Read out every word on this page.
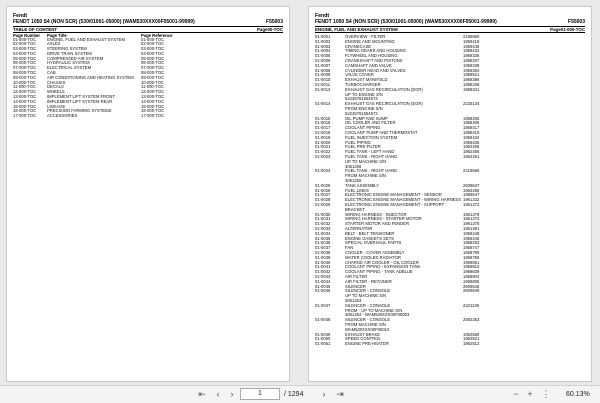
Fendt
FENDT 1050 S4 (NON SCR) (530/01001-05000) (WAM530XXX00F05001-99999)	F55003
TABLE OF CONTENT	Page00-TOC
Page Number	Page Title	Page Reference
01-000-TOC	ENGINE, FUEL AND EXHAUST SYSTEM	01-000-TOC
02-000-TOC	AXLES	02-000-TOC
03-000-TOC	STEERING SYSTEM	03-000-TOC
04-000-TOC	DRIVE TRAIN SYSTEM	04-000-TOC
05-000-TOC	COMPRESSED AIR SYSTEM	05-000-TOC
06-000-TOC	HYDRAULIC SYSTEM	06-000-TOC
07-000-TOC	ELECTRICAL SYSTEM	07-000-TOC
08-000-TOC	CAB	08-000-TOC
09-000-TOC	AIR CONDITIONING AND HEATING SYSTEM	09-000-TOC
10-000-TOC	CHASSIS	10-000-TOC
11-000-TOC	DECALS	11-000-TOC
12-000-TOC	WHEELS	12-000-TOC
13-000-TOC	IMPLEMENT LIFT SYSTEM FRONT	13-000-TOC
14-000-TOC	IMPLEMENT LIFT SYSTEM REAR	14-000-TOC
15-000-TOC	LINKAGE	15-000-TOC
16-000-TOC	PRECISION FARMING SYSTEMS	16-000-TOC
17-000-TOC	ACCESSORIES	17-000-TOC
Fendt
FENDT 1050 S4 (NON SCR) (530/01001-05000) (WAM530XXX00F05001-99999)	F55003
ENGINE, FUEL AND EXHAUST SYSTEM	Page01-000-TOC
01-0001	OVERVIEW - FILTER	2188850
01-0002	ENGINE AND MOUNTING	1959418
01-0003	CRANKCASE	1959446
01-0004	TIMING GEARS AND HOUSING	1959433
01-0005	FLYWHEEL AND HOUSING	1958336
01-0006	CRANKSHAFT AND PISTONS	1958337
01-0007	CAMSHAFT AND VALVE	1958338
01-0008	CYLINDER HEAD AND VALVES	1958384
01-0009	VALVE COVER	1959521
01-0010	EXHAUST MANIFOLD	1958386
01-0011	TURBOCHARGER	1958339
01-0013	EXHAUST GAS RECIRCULATION (EGR)	1958341
UP TO ENGINE S/N
52245761654573
01-0014	EXHAUST GAS RECIRCULATION (EGR)	2225134
FROM ENGINE S/N
52245761654573
01-0015	OIL PUMP AND SUMP	1958405
01-0016	OIL COOLER AND FILTER	1958406
01-0017	COOLANT PIPING	1958417
01-0018	COOLANT PUMP AND THERMOSTAT	1958419
01-0019	FUEL INJECTION SYSTEM	1958434
01-0020	FUEL PIPING	1958435
01-0021	FUEL PRE-FILTER	1962466
01-0022	FUEL TANK - LEFT HAND	1962456
01-0023	FUEL TANK - RIGHT HAND	1962451
UP TO MACHINE S/N
3061258
01-0024	FUEL TANK - RIGHT HAND	2218666
FROM MACHINE S/N
3061259
01-0025	TANK ASSEMBLY	2609647
01-0026	FUEL LINES	1962496
01-0027	ELECTRONIC ENGINE MANAGEMENT - SENSOR	1959647
01-0028	ELECTRONIC ENGINE MANAGEMENT - WIRING HARNESS 1961332
01-0029	ELECTRONIC ENGINE MANAGEMENT - SUPPORT BRACKET
1961372
01-0030	WIRING HARNESS - INJECTOR	1961379
01-0031	WIRING HARNESS - STARTER MOTOR	1961374
01-0032	STARTER MOTOR AND FENDER	1961375
01-0033	ALTERNATOR	1961391
01-0034	BELT - BELT TENSIONER	1958448
01-0035	ENGINE GASKETS SETS	1958446
01-0036	SPECIAL OVERHAUL PARTS	1958253
01-0037	FAN	1958747
01-0038	COOLER - COVER ASSEMBLY	1968789
01-0039	WATER COOLED RADIATOR	1968758
01-0040	CHARGE AIR COOLER - OIL COOLER	1968851
01-0041	COOLANT PIPING - EXPANSION TANK	1968810
01-0042	COOLANT PIPING - TANK ADBLUE	1968839
01-0043	AIR FILTER	1968804
01-0044	AIR FILTER - RETAINER	1968806
01-0045	SILENCER	2609646
01-0046	SILENCER - CONSOLE	2609649
UP TO MACHINE S/N
3061263
01-0047	SILENCER - CONSOLE	2221136
FROM - UP TO MACHINE S/N
3061264 - WAM530XXX00F05003
01-0048	SILENCER - CONSOLE	2592353
FROM MACHINE S/N
WAM530XXX00F05010
01-0049	EXHAUST BRAKE	1962565
01-0050	SPEED CONTROL	1962521
01-0051	ENGINE PRE-HEATER	1962512
⇤	‹	›	1	/ 1294	›	⇥	− + ⋮ 60.13%
